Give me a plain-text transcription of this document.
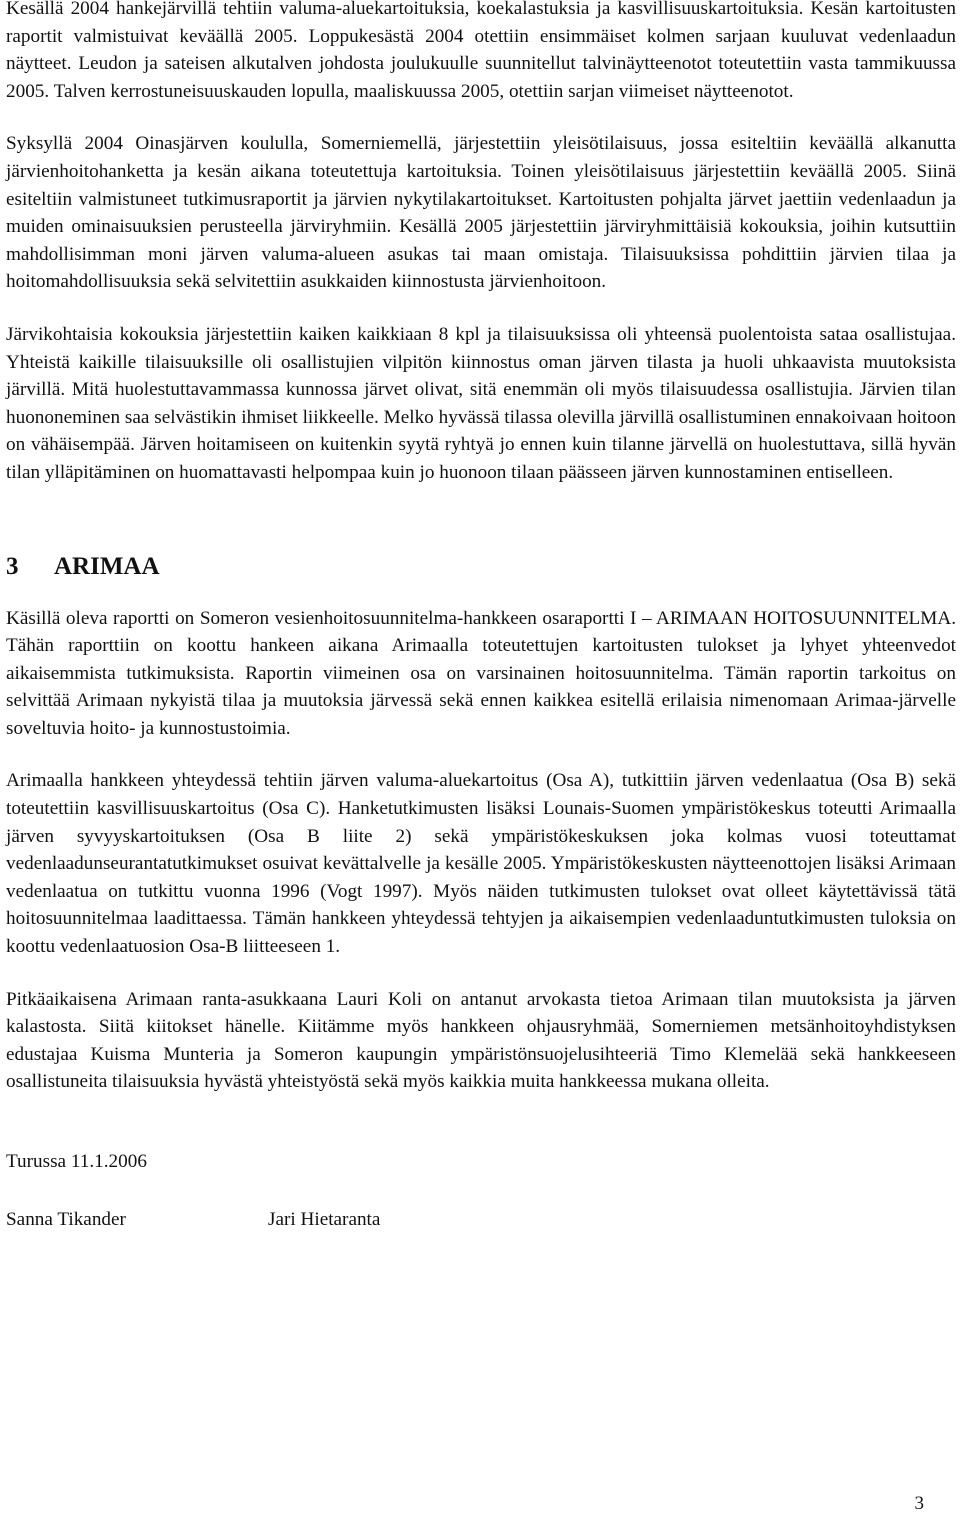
Kesällä 2004 hankejärvillä tehtiin valuma-aluekartoituksia, koekalastuksia ja kasvillisuuskartoituksia. Kesän kartoitusten raportit valmistuivat keväällä 2005. Loppukesästä 2004 otettiin ensimmäiset kolmen sarjaan kuuluvat vedenlaadun näytteet. Leudon ja sateisen alkutalven johdosta joulukuulle suunnitellut talvinäytteenotot toteutettiin vasta tammikuussa 2005. Talven kerrostuneisuuskauden lopulla, maaliskuussa 2005, otettiin sarjan viimeiset näytteenotot.

Syksyllä 2004 Oinasjärven koululla, Somerniemellä, järjestettiin yleisötilaisuus, jossa esiteltiin keväällä alkanutta järvienhoitohanketta ja kesän aikana toteutettuja kartoituksia. Toinen yleisötilaisuus järjestettiin keväällä 2005. Siinä esiteltiin valmistuneet tutkimusraportit ja järvien nykytilakartoitukset. Kartoitusten pohjalta järvet jaettiin vedenlaadun ja muiden ominaisuuksien perusteella järviryhmiin. Kesällä 2005 järjestettiin järviryhmittäisiä kokouksia, joihin kutsuttiin mahdollisimman moni järven valuma-alueen asukas tai maan omistaja. Tilaisuuksissa pohdittiin järvien tilaa ja hoitomahdollisuuksia sekä selvitettiin asukkaiden kiinnostusta järvienhoitoon.

Järvikohtaisia kokouksia järjestettiin kaiken kaikkiaan 8 kpl ja tilaisuuksissa oli yhteensä puolentoista sataa osallistujaa. Yhteistä kaikille tilaisuuksille oli osallistujien vilpitön kiinnostus oman järven tilasta ja huoli uhkaavista muutoksista järvillä. Mitä huolestuttavammassa kunnossa järvet olivat, sitä enemmän oli myös tilaisuudessa osallistujia. Järvien tilan huononeminen saa selvästikin ihmiset liikkeelle. Melko hyvässä tilassa olevilla järvillä osallistuminen ennakoivaan hoitoon on vähäisempää. Järven hoitamiseen on kuitenkin syytä ryhtyä jo ennen kuin tilanne järvellä on huolestuttava, sillä hyvän tilan ylläpitäminen on huomattavasti helpompaa kuin jo huonoon tilaan päässeen järven kunnostaminen entiselleen.

3 ARIMAA

Käsillä oleva raportti on Someron vesienhoitosuunnitelma-hankkeen osaraportti I – ARIMAAN HOITOSUUNNITELMA. Tähän raporttiin on koottu hankeen aikana Arimaalla toteutettujen kartoitusten tulokset ja lyhyet yhteenvedot aikaisemmista tutkimuksista. Raportin viimeinen osa on varsinainen hoitosuunnitelma. Tämän raportin tarkoitus on selvittää Arimaan nykyistä tilaa ja muutoksia järvessä sekä ennen kaikkea esitellä erilaisia nimenomaan Arimaa-järvelle soveltuvia hoito- ja kunnostustoimia.

Arimaalla hankkeen yhteydessä tehtiin järven valuma-aluekartoitus (Osa A), tutkittiin järven vedenlaatua (Osa B) sekä toteutettiin kasvillisuuskartoitus (Osa C). Hanketutkimusten lisäksi Lounais-Suomen ympäristökeskus toteutti Arimaalla järven syvyyskartoituksen (Osa B liite 2) sekä ympäristökeskuksen joka kolmas vuosi toteuttamat vedenlaadunseurantatutkimukset osuivat kevättalvelle ja kesälle 2005. Ympäristökeskusten näytteenottojen lisäksi Arimaan vedenlaatua on tutkittu vuonna 1996 (Vogt 1997). Myös näiden tutkimusten tulokset ovat olleet käytettävissä tätä hoitosuunnitelmaa laadittaessa. Tämän hankkeen yhteydessä tehtyjen ja aikaisempien vedenlaaduntutkimusten tuloksia on koottu vedenlaatuosion Osa-B liitteeseen 1.

Pitkäaikaisena Arimaan ranta-asukkaana Lauri Koli on antanut arvokasta tietoa Arimaan tilan muutoksista ja järven kalastosta. Siitä kiitokset hänelle. Kiitämme myös hankkeen ohjausryhmää, Somerniemen metsänhoitoyhdistyksen edustajaa Kuisma Munteria ja Someron kaupungin ympäristönsuojelusihteeriä Timo Klemelää sekä hankkeeseen osallistuneita tilaisuuksia hyvästä yhteistyöstä sekä myös kaikkia muita hankkeessa mukana olleita.

Turussa 11.1.2006

Sanna Tikander	Jari Hietaranta
3
